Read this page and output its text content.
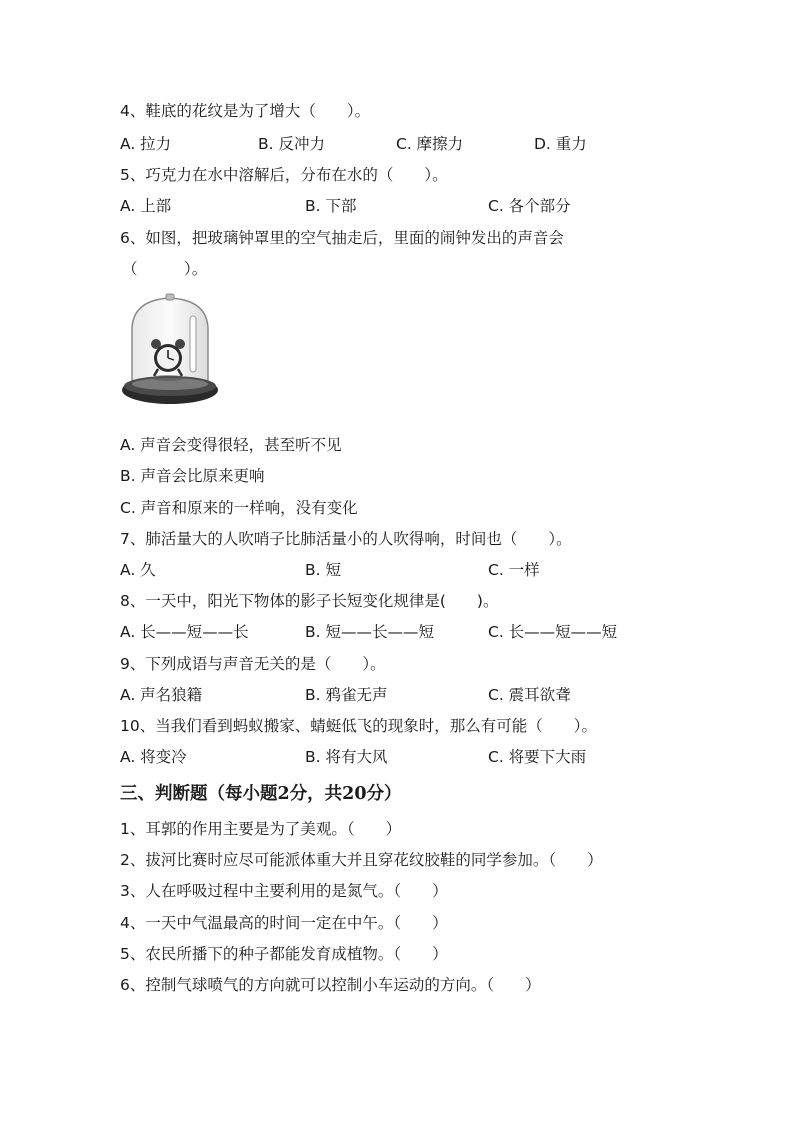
4、鞋底的花纹是为了增大（　　）。
A. 拉力	B. 反冲力	C. 摩擦力	D. 重力
5、巧克力在水中溶解后，分布在水的（　　）。
A. 上部	B. 下部	C. 各个部分
6、如图，把玻璃钟罩里的空气抽走后，里面的闹钟发出的声音会
（　　　）。
A. 声音会变得很轻，甚至听不见
B. 声音会比原来更响
C. 声音和原来的一样响，没有变化
7、肺活量大的人吹哨子比肺活量小的人吹得响，时间也（　　）。
A. 久	B. 短	C. 一样
8、一天中，阳光下物体的影子长短变化规律是(　　)。
A. 长——短——长	B. 短——长——短	C. 长——短——短
9、下列成语与声音无关的是（　　）。
A. 声名狼籍	B. 鸦雀无声	C. 震耳欲聋
10、当我们看到蚂蚁搬家、蜻蜓低飞的现象时，那么有可能（　　）。
A. 将变冷	B. 将有大风	C. 将要下大雨
三、判断题（每小题2分，共20分）
1、耳郭的作用主要是为了美观。（　　）
2、拔河比赛时应尽可能派体重大并且穿花纹胶鞋的同学参加。（　　）
3、人在呼吸过程中主要利用的是氮气。（　　）
4、一天中气温最高的时间一定在中午。（　　）
5、农民所播下的种子都能发育成植物。（　　）
6、控制气球喷气的方向就可以控制小车运动的方向。（　　）
